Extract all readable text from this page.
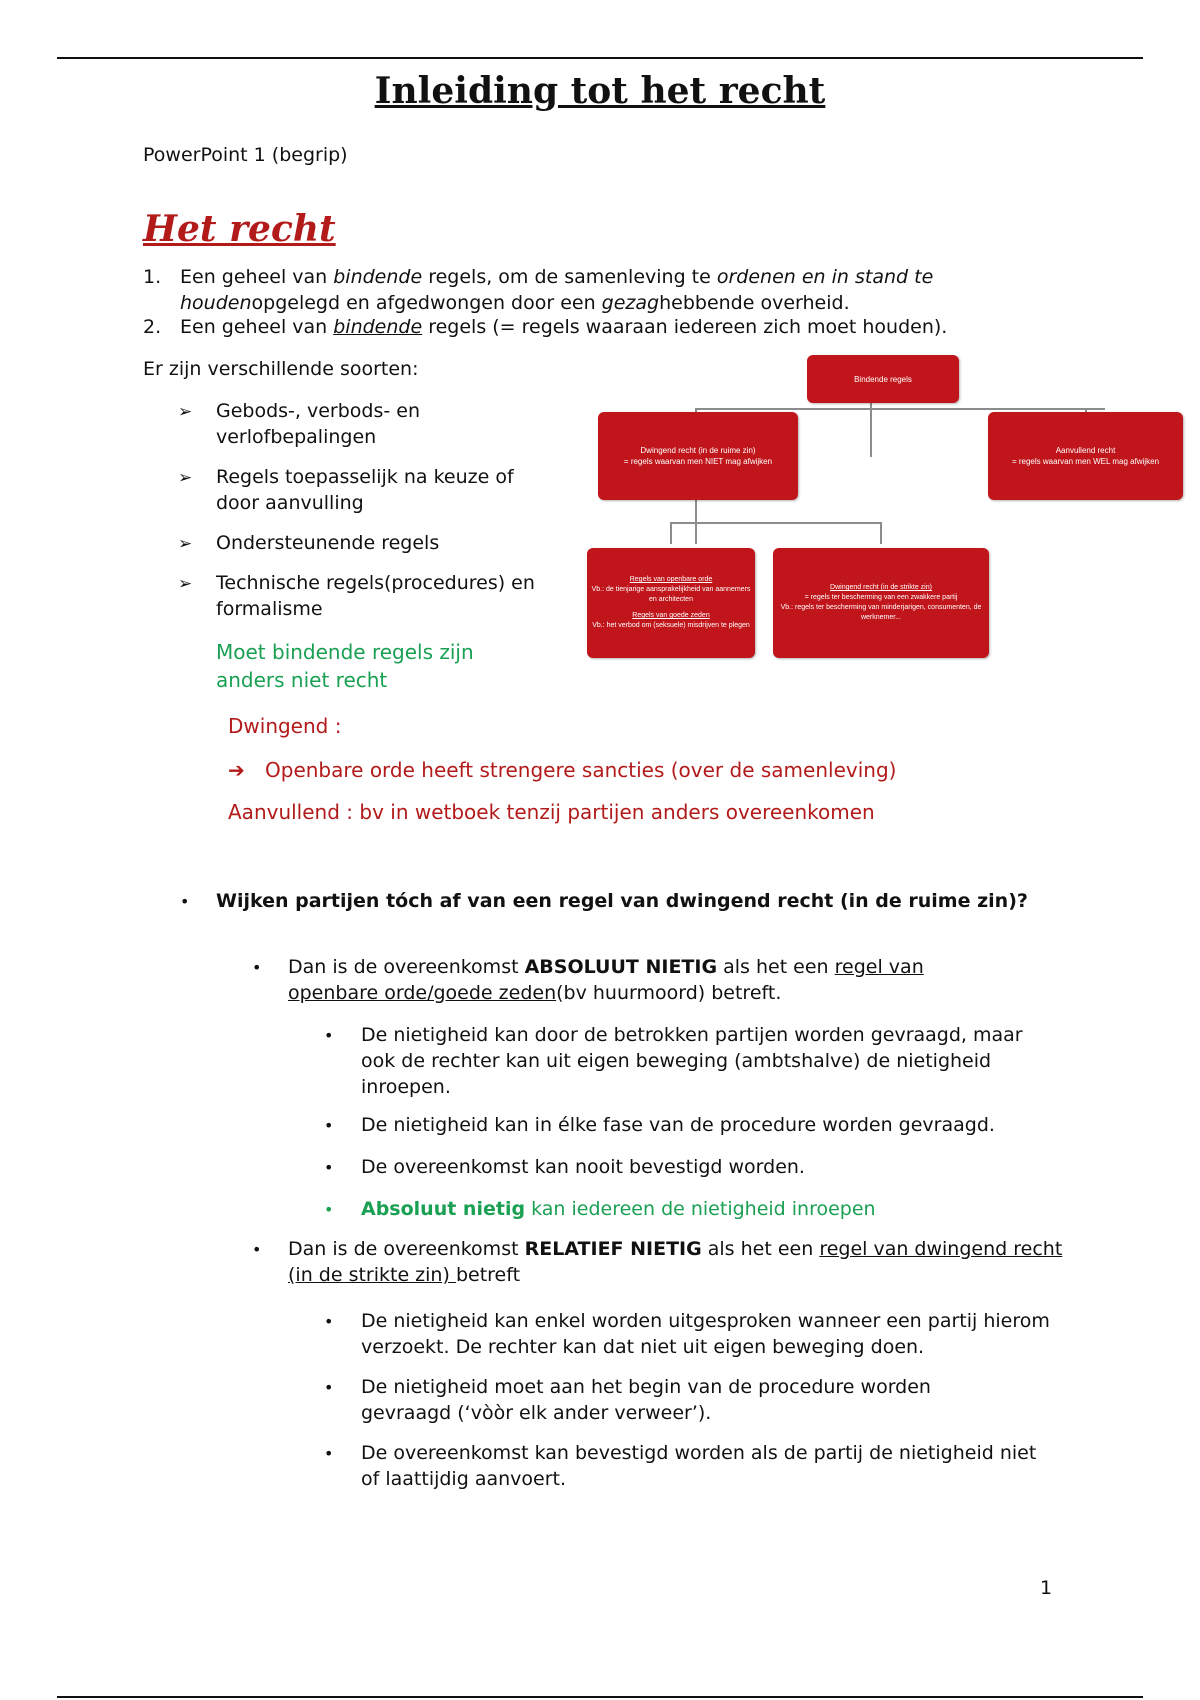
Inleiding tot het recht
PowerPoint 1 (begrip)
Het recht
1. Een geheel van bindende regels, om de samenleving te ordenen en in stand te houdenopgelegd en afgedwongen door een gezaghebbende overheid.
2. Een geheel van bindende regels (= regels waaraan iedereen zich moet houden).
Er zijn verschillende soorten:
➢ Gebods-, verbods- en verlofbepalingen
➢ Regels toepasselijk na keuze of door aanvulling
➢ Ondersteunende regels
➢ Technische regels(procedures) en formalisme
Moet bindende regels zijn anders niet recht
Dwingend :
➔ Openbare orde heeft strengere sancties (over de samenleving)
Aanvullend : bv in wetboek tenzij partijen anders overeenkomen
Bindende regels
Dwingend recht (in de ruime zin)
= regels waarvan men NIET mag afwijken
Aanvullend recht
= regels waarvan men WEL mag afwijken
Regels van openbare orde
Vb.: de tienjarige aansprakelijkheid van aannemers en architecten
Regels van goede zeden
Vb.: het verbod om (seksuele) misdrijven te plegen
Dwingend recht (in de strikte zin)
= regels ter bescherming van een zwakkere partij
Vb.: regels ter bescherming van minderjarigen, consumenten, de werknemer...
• Wijken partijen tóch af van een regel van dwingend recht (in de ruime zin)?
• Dan is de overeenkomst ABSOLUUT NIETIG als het een regel van openbare orde/goede zeden(bv huurmoord) betreft.
• De nietigheid kan door de betrokken partijen worden gevraagd, maar ook de rechter kan uit eigen beweging (ambtshalve) de nietigheid inroepen.
• De nietigheid kan in élke fase van de procedure worden gevraagd.
• De overeenkomst kan nooit bevestigd worden.
• Absoluut nietig kan iedereen de nietigheid inroepen
• Dan is de overeenkomst RELATIEF NIETIG als het een regel van dwingend recht (in de strikte zin) betreft
• De nietigheid kan enkel worden uitgesproken wanneer een partij hierom verzoekt. De rechter kan dat niet uit eigen beweging doen.
• De nietigheid moet aan het begin van de procedure worden gevraagd (‘vòòr elk ander verweer’).
• De overeenkomst kan bevestigd worden als de partij de nietigheid niet of laattijdig aanvoert.
1
